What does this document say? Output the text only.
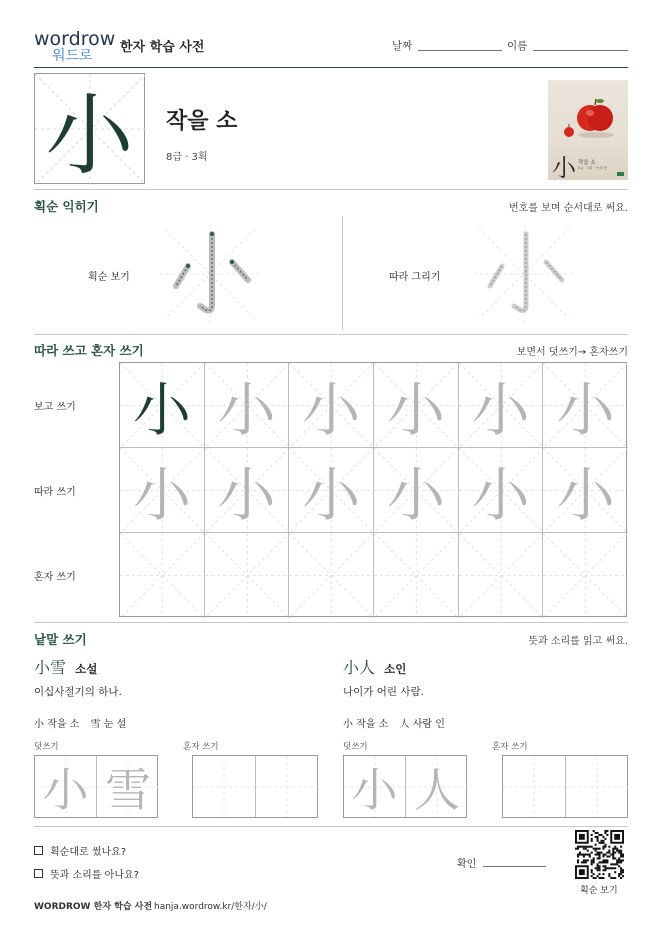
wordrow
워드로
한자 학습 사전	날짜	이름
小	작을 소
8급 · 3획	小 작을 소
8급 · 3획 · 小의 뜻
획순 익히기	번호를 보며 순서대로 써요.
획순 보기	따라 그리기
따라 쓰고 혼자 쓰기	보면서 덧쓰기→ 혼자쓰기
보고 쓰기
따라 쓰기
혼자 쓰기
小 小 小 小 小 小
小 小 小 小 小 小
낱말 쓰기	뜻과 소리를 읽고 써요.
小雪 소설
이십사절기의 하나.
小 작을 소 雪 눈 설
덧쓰기	혼자 쓰기
小 雪
小人 소인
나이가 어린 사람.
小 작을 소 人 사람 인
덧쓰기	혼자 쓰기
小 人
획순대로 썼나요?
뜻과 소리를 아나요?
확인
획순 보기
WORDROW 한자 학습 사전 hanja.wordrow.kr/한자/小/
